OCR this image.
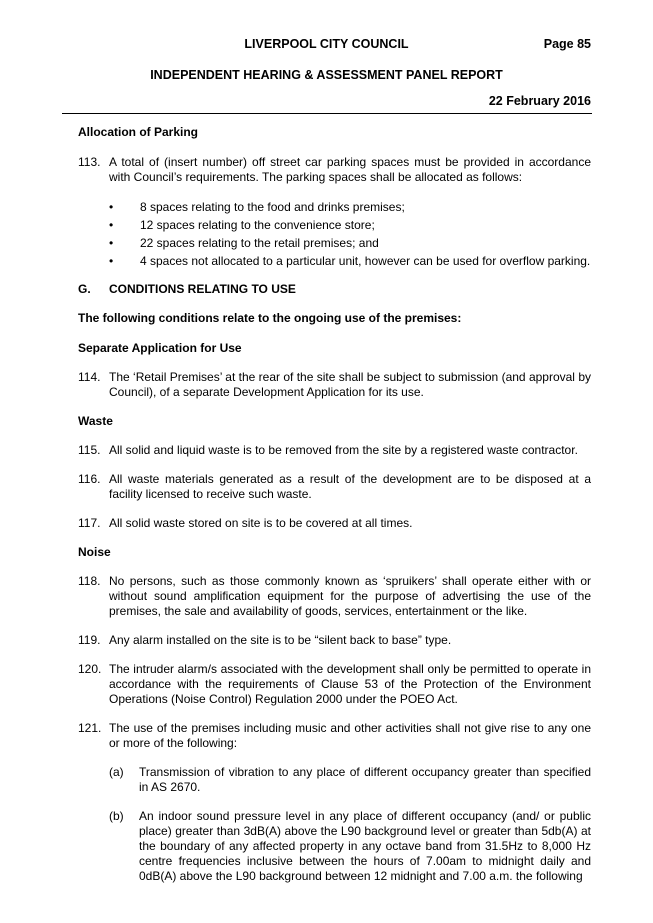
LIVERPOOL CITY COUNCIL	Page 85
INDEPENDENT HEARING & ASSESSMENT PANEL REPORT
22 February 2016

Allocation of Parking

113. A total of (insert number) off street car parking spaces must be provided in accordance with Council’s requirements. The parking spaces shall be allocated as follows:
•	8 spaces relating to the food and drinks premises;
•	12 spaces relating to the convenience store;
•	22 spaces relating to the retail premises; and
•	4 spaces not allocated to a particular unit, however can be used for overflow parking.
G.	CONDITIONS RELATING TO USE

The following conditions relate to the ongoing use of the premises:

Separate Application for Use

114. The ‘Retail Premises’ at the rear of the site shall be subject to submission (and approval by Council), of a separate Development Application for its use.

Waste

115. All solid and liquid waste is to be removed from the site by a registered waste contractor.
116. All waste materials generated as a result of the development are to be disposed at a facility licensed to receive such waste.
117. All solid waste stored on site is to be covered at all times.

Noise

118. No persons, such as those commonly known as ‘spruikers’ shall operate either with or without sound amplification equipment for the purpose of advertising the use of the premises, the sale and availability of goods, services, entertainment or the like.
119. Any alarm installed on the site is to be “silent back to base” type.
120. The intruder alarm/s associated with the development shall only be permitted to operate in accordance with the requirements of Clause 53 of the Protection of the Environment Operations (Noise Control) Regulation 2000 under the POEO Act.
121. The use of the premises including music and other activities shall not give rise to any one or more of the following:
(a)	Transmission of vibration to any place of different occupancy greater than specified in AS 2670.
(b)	An indoor sound pressure level in any place of different occupancy (and/ or public place) greater than 3dB(A) above the L90 background level or greater than 5db(A) at the boundary of any affected property in any octave band from 31.5Hz to 8,000 Hz centre frequencies inclusive between the hours of 7.00am to midnight daily and 0dB(A) above the L90 background between 12 midnight and 7.00 a.m. the following
